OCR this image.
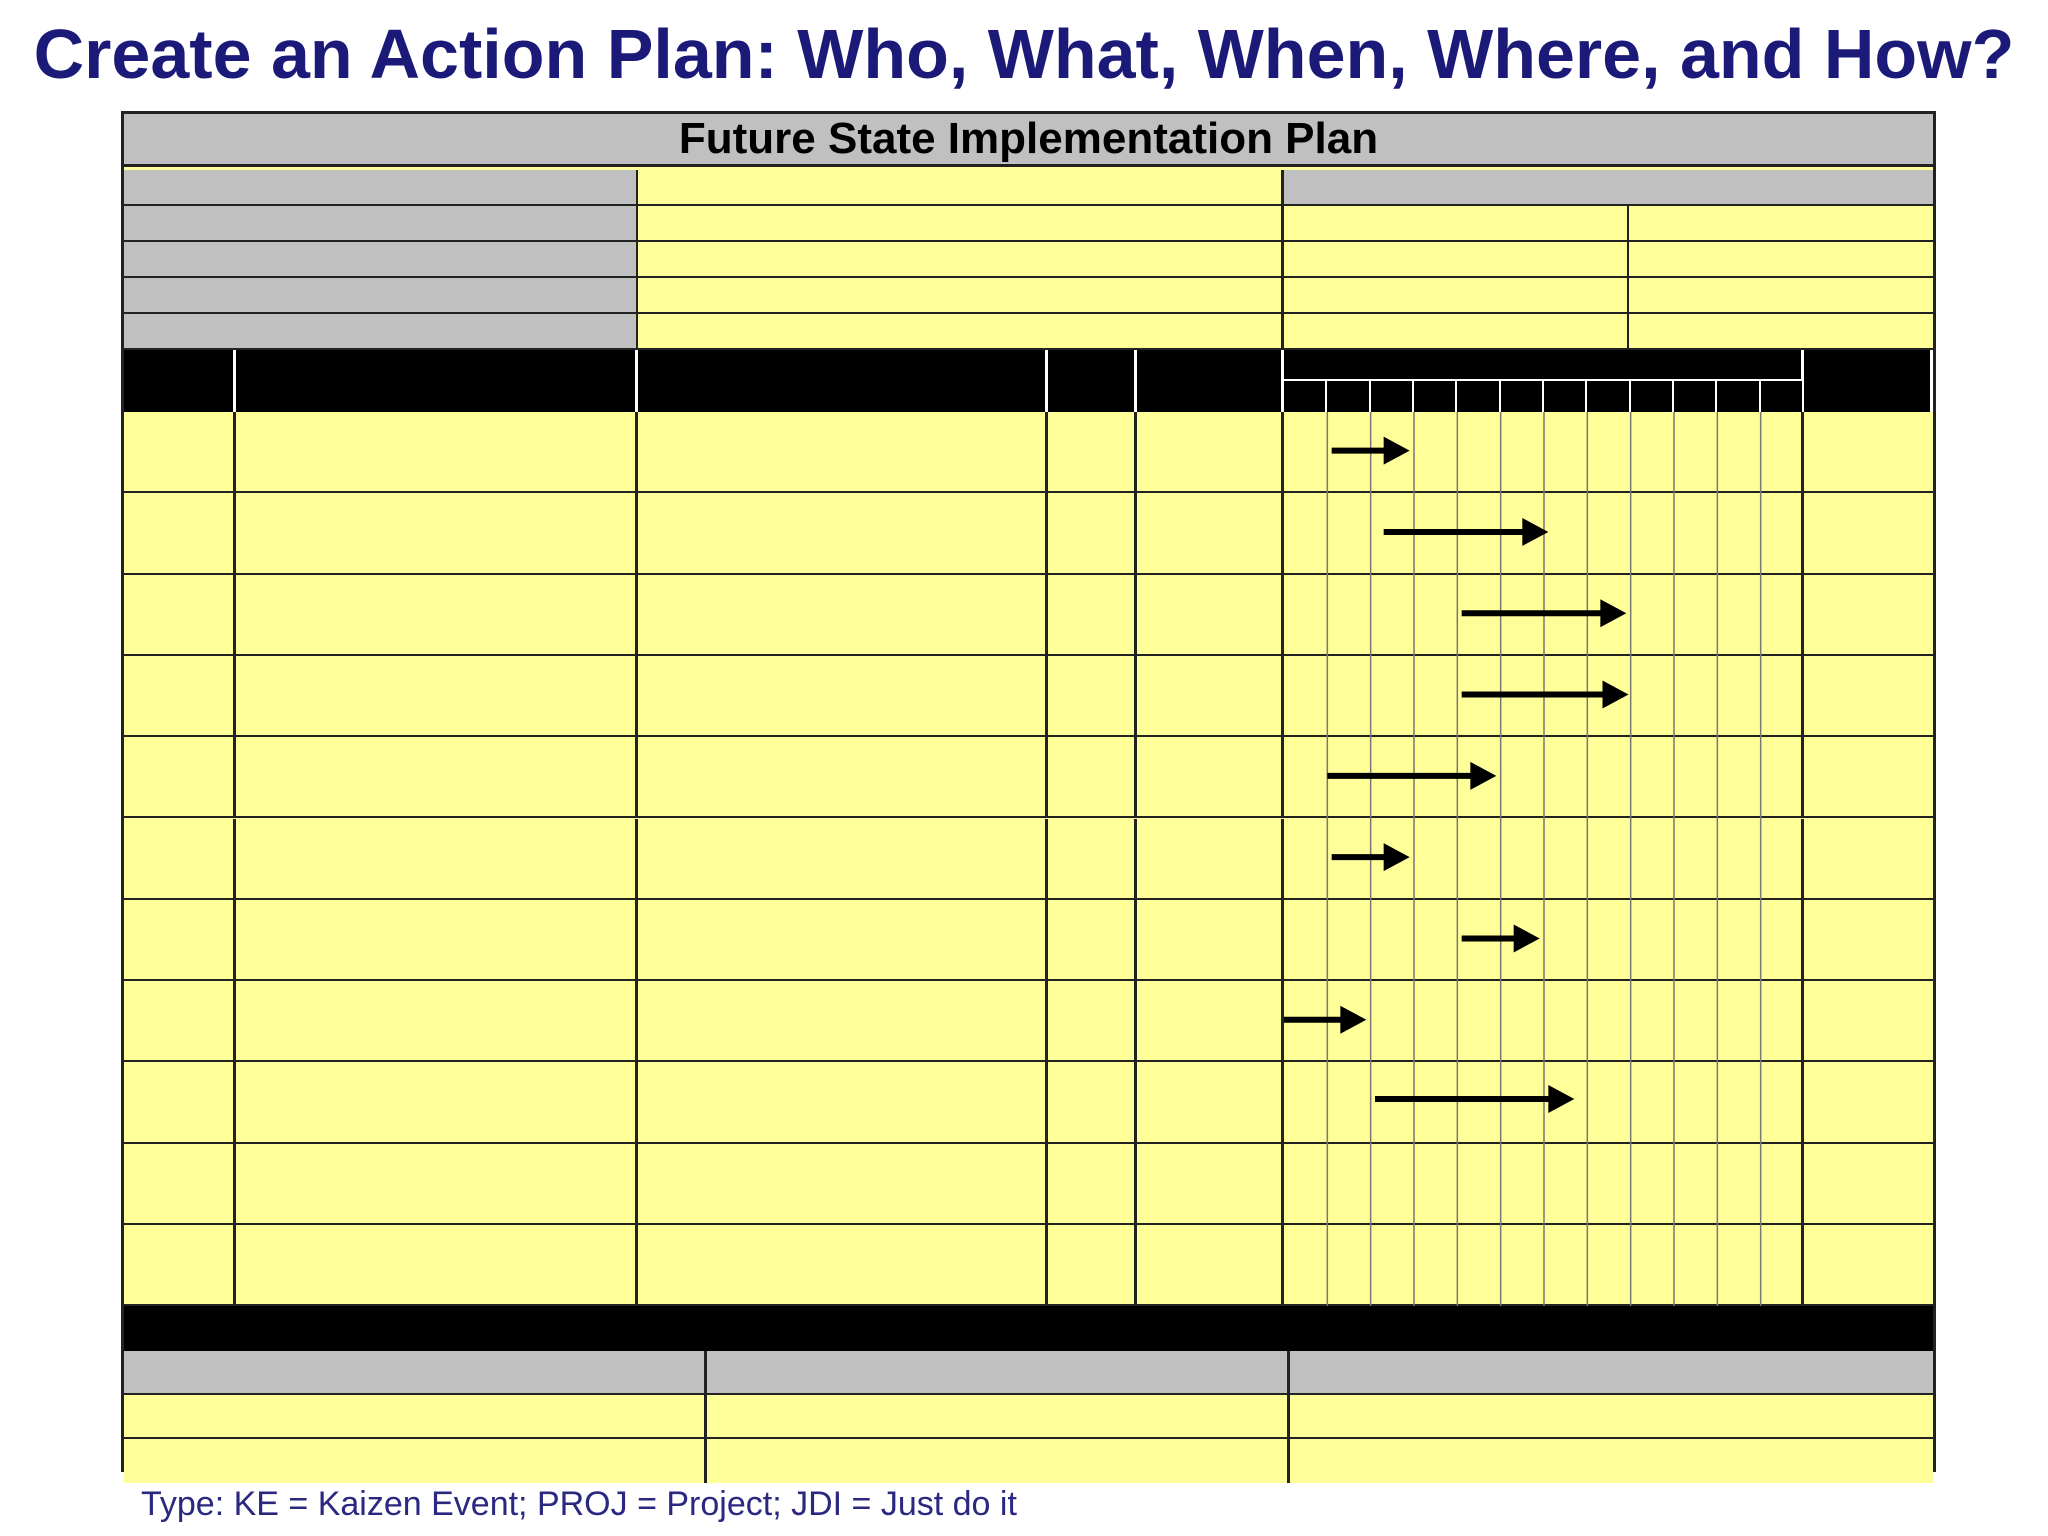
Create an Action Plan: Who, What, When, Where, and How?
Future State Implementation Plan
Type: KE = Kaizen Event; PROJ = Project; JDI = Just do it
